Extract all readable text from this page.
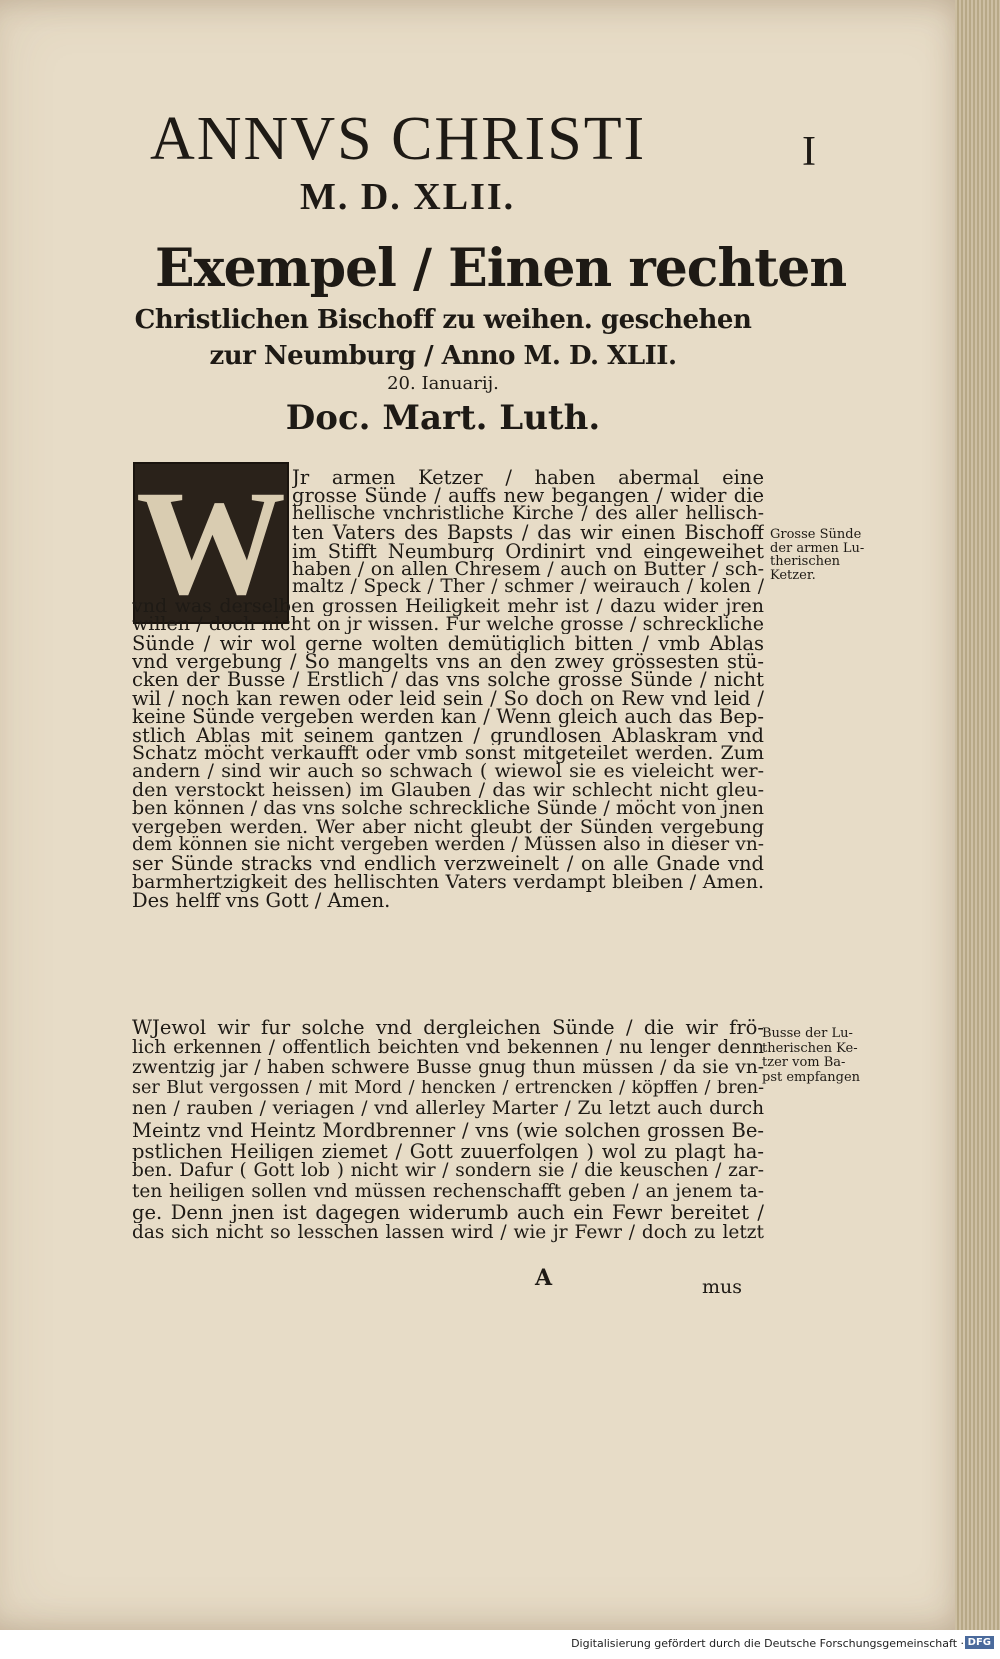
ANNVS CHRISTI	I
M. D. XLII.
Exempel / Einen rechten
Christlichen Bischoff zu weihen. geschehen
zur Neumburg / Anno M. D. XLII.
20. Ianuarij.
Doc. Mart. Luth.
W Jr armen Ketzer / haben abermal eine
grosse Sünde / auffs new begangen / wider die
hellische vnchristliche Kirche / des aller hellisch-
ten Vaters des Bapsts / das wir einen Bischoff
im Stifft Neumburg Ordinirt vnd eingeweihet
haben / on allen Chresem / auch on Butter / sch-
maltz / Speck / Ther / schmer / weirauch / kolen /
vnd was derselben grossen Heiligkeit mehr ist / dazu wider jren
willen / doch nicht on jr wissen. Fur welche grosse / schreckliche
Sünde / wir wol gerne wolten demütiglich bitten / vmb Ablas
vnd vergebung / So mangelts vns an den zwey grössesten stü-
cken der Busse / Erstlich / das vns solche grosse Sünde / nicht
wil / noch kan rewen oder leid sein / So doch on Rew vnd leid /
keine Sünde vergeben werden kan / Wenn gleich auch das Bep-
stlich Ablas mit seinem gantzen / grundlosen Ablaskram vnd
Schatz möcht verkaufft oder vmb sonst mitgeteilet werden. Zum
andern / sind wir auch so schwach ( wiewol sie es vieleicht wer-
den verstockt heissen) im Glauben / das wir schlecht nicht gleu-
ben können / das vns solche schreckliche Sünde / möcht von jnen
vergeben werden. Wer aber nicht gleubt der Sünden vergebung
dem können sie nicht vergeben werden / Müssen also in dieser vn-
ser Sünde stracks vnd endlich verzweinelt / on alle Gnade vnd
barmhertzigkeit des hellischten Vaters verdampt bleiben / Amen.
Des helff vns Gott / Amen.
WJewol wir fur solche vnd dergleichen Sünde / die wir frö-
lich erkennen / offentlich beichten vnd bekennen / nu lenger denn
zwentzig jar / haben schwere Busse gnug thun müssen / da sie vn-
ser Blut vergossen / mit Mord / hencken / ertrencken / köpffen / bren-
nen / rauben / veriagen / vnd allerley Marter / Zu letzt auch durch
Meintz vnd Heintz Mordbrenner / vns (wie solchen grossen Be-
pstlichen Heiligen ziemet / Gott zuuerfolgen ) wol zu plagt ha-
ben. Dafur ( Gott lob ) nicht wir / sondern sie / die keuschen / zar-
ten heiligen sollen vnd müssen rechenschafft geben / an jenem ta-
ge. Denn jnen ist dagegen widerumb auch ein Fewr bereitet /
das sich nicht so lesschen lassen wird / wie jr Fewr / doch zu letzt
Grosse Sünde
der armen Lu-
therischen
Ketzer.
Busse der Lu-
therischen Ke-
tzer vom Ba-
pst empfangen
A	mus
Digitalisierung gefördert durch die Deutsche Forschungsgemeinschaft · DFG
